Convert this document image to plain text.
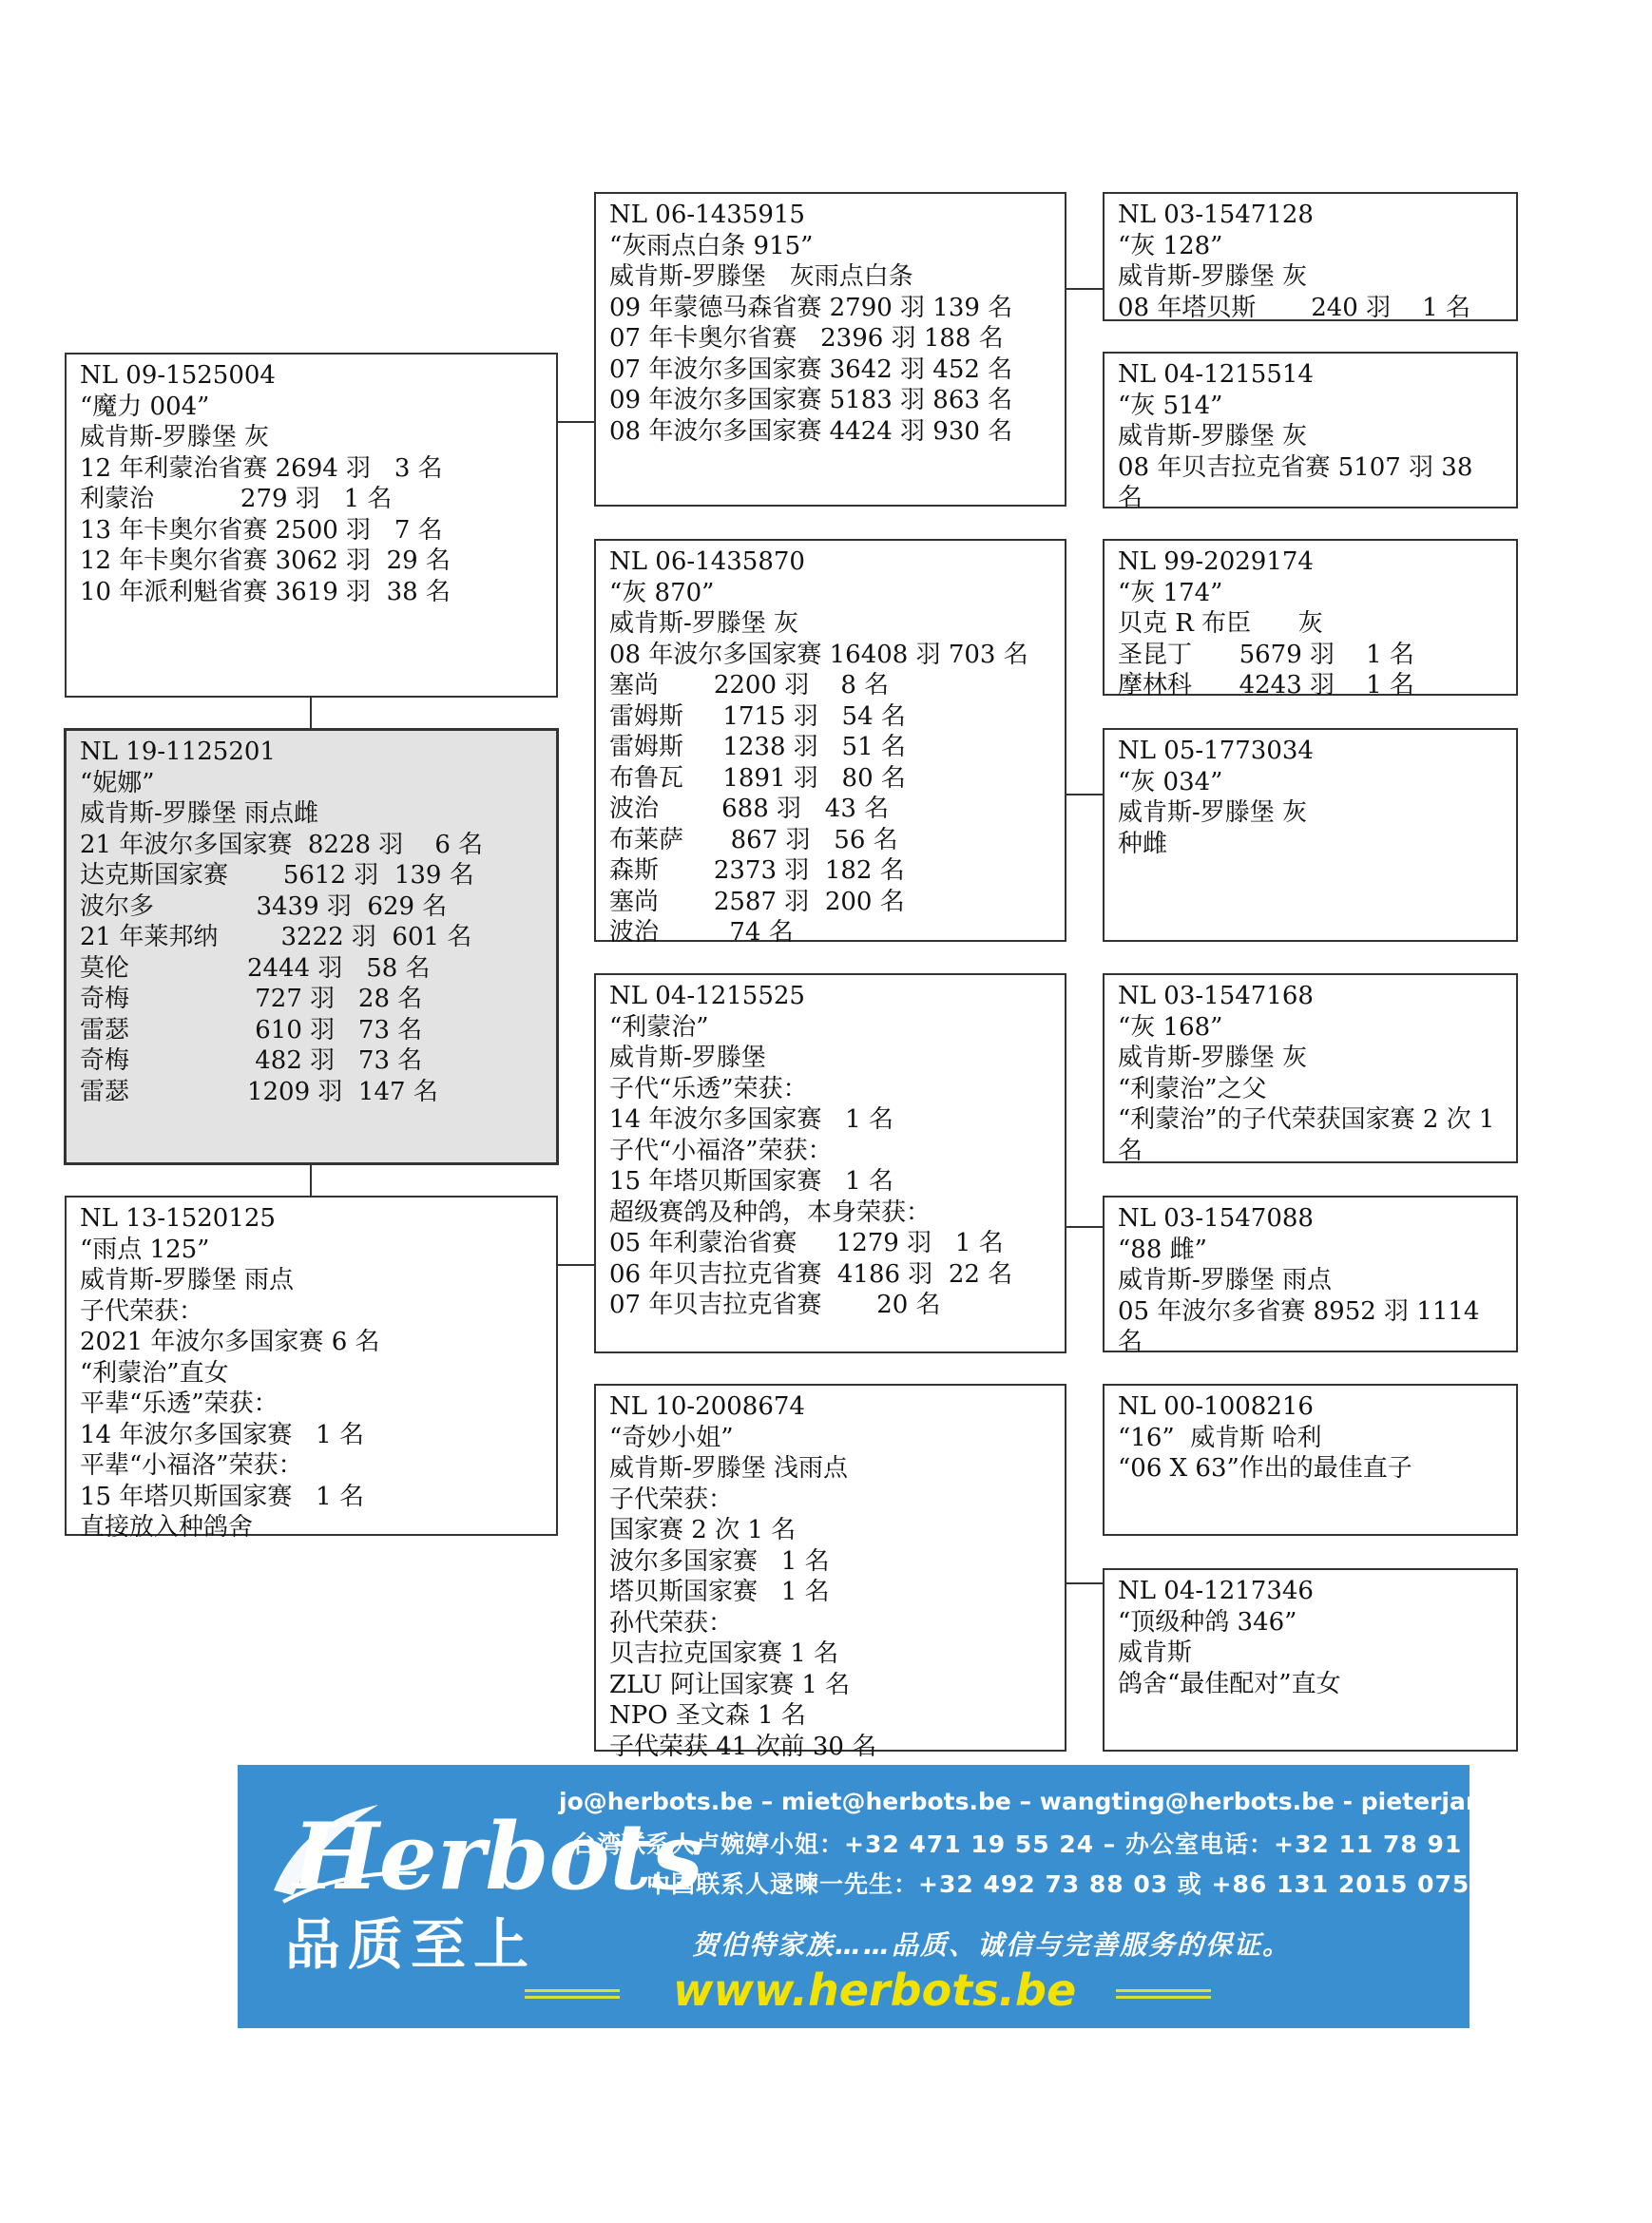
NL 09-1525004
“魔力 004”
威肯斯-罗滕堡 灰
12 年利蒙治省赛 2694 羽   3 名
利蒙治           279 羽   1 名
13 年卡奥尔省赛 2500 羽   7 名
12 年卡奥尔省赛 3062 羽  29 名
10 年派利魁省赛 3619 羽  38 名
NL 19-1125201
“妮娜”
威肯斯-罗滕堡 雨点雌
21 年波尔多国家赛  8228 羽    6 名
达克斯国家赛       5612 羽  139 名
波尔多             3439 羽  629 名
21 年莱邦纳        3222 羽  601 名
莫伦               2444 羽   58 名
奇梅                727 羽   28 名
雷瑟                610 羽   73 名
奇梅                482 羽   73 名
雷瑟               1209 羽  147 名
NL 13-1520125
“雨点 125”
威肯斯-罗滕堡 雨点
子代荣获：
2021 年波尔多国家赛 6 名
“利蒙治”直女
平辈“乐透”荣获：
14 年波尔多国家赛   1 名
平辈“小福洛”荣获：
15 年塔贝斯国家赛   1 名
直接放入种鸽舍
NL 06-1435915
“灰雨点白条 915”
威肯斯-罗滕堡   灰雨点白条
09 年蒙德马森省赛 2790 羽 139 名
07 年卡奥尔省赛   2396 羽 188 名
07 年波尔多国家赛 3642 羽 452 名
09 年波尔多国家赛 5183 羽 863 名
08 年波尔多国家赛 4424 羽 930 名
NL 06-1435870
“灰 870”
威肯斯-罗滕堡 灰
08 年波尔多国家赛 16408 羽 703 名
塞尚       2200 羽    8 名
雷姆斯     1715 羽   54 名
雷姆斯     1238 羽   51 名
布鲁瓦     1891 羽   80 名
波治        688 羽   43 名
布莱萨      867 羽   56 名
森斯       2373 羽  182 名
塞尚       2587 羽  200 名
波治         74 名
NL 04-1215525
“利蒙治”
威肯斯-罗滕堡
子代“乐透”荣获：
14 年波尔多国家赛   1 名
子代“小福洛”荣获：
15 年塔贝斯国家赛   1 名
超级赛鸽及种鸽，本身荣获：
05 年利蒙治省赛     1279 羽   1 名
06 年贝吉拉克省赛  4186 羽  22 名
07 年贝吉拉克省赛       20 名
NL 10-2008674
“奇妙小姐”
威肯斯-罗滕堡 浅雨点
子代荣获：
国家赛 2 次 1 名
波尔多国家赛   1 名
塔贝斯国家赛   1 名
孙代荣获：
贝吉拉克国家赛 1 名
ZLU 阿让国家赛 1 名
NPO 圣文森 1 名
子代荣获 41 次前 30 名
NL 03-1547128
“灰 128”
威肯斯-罗滕堡 灰
08 年塔贝斯       240 羽    1 名
NL 04-1215514
“灰 514”
威肯斯-罗滕堡 灰
08 年贝吉拉克省赛 5107 羽 38 名
NL 99-2029174
“灰 174”
贝克 R 布臣      灰
圣昆丁      5679 羽    1 名
摩林科      4243 羽    1 名
NL 05-1773034
“灰 034”
威肯斯-罗滕堡 灰
种雌
NL 03-1547168
“灰 168”
威肯斯-罗滕堡 灰
“利蒙治”之父
“利蒙治”的子代荣获国家赛 2 次 1 名
NL 03-1547088
“88 雌”
威肯斯-罗滕堡 雨点
05 年波尔多省赛 8952 羽 1114 名
NL 00-1008216
“16”  威肯斯 哈利
“06 X 63”作出的最佳直子
NL 04-1217346
“顶级种鸽 346”
威肯斯
鸽舍“最佳配对”直女
Herbots
品质至上
jo@herbots.be – miet@herbots.be – wangting@herbots.be - pieterjan@herbots.be
台湾联系人卢婉婷小姐：+32 471 19 55 24 – 办公室电话：+32 11 78 91 90
中国联系人逯暕一先生：+32 492 73 88 03 或 +86 131 2015 0755
贺伯特家族……品质、诚信与完善服务的保证。
www.herbots.be
